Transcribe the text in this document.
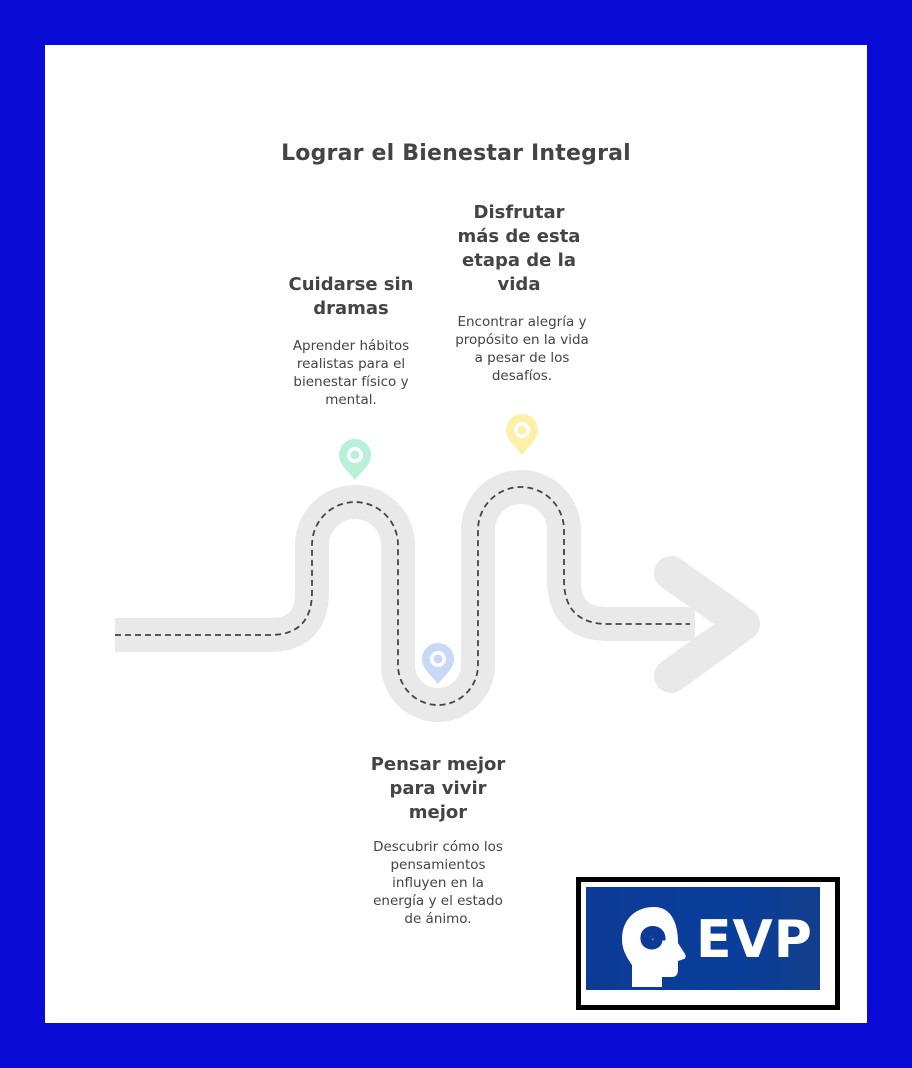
Lograr el Bienestar Integral
Cuidarse sin
dramas
Aprender hábitos
realistas para el
bienestar físico y
mental.
Pensar mejor
para vivir
mejor
Descubrir cómo los
pensamientos
influyen en la
energía y el estado
de ánimo.
Disfrutar
más de esta
etapa de la
vida
Encontrar alegría y
propósito en la vida
a pesar de los
desafíos.
EVP
